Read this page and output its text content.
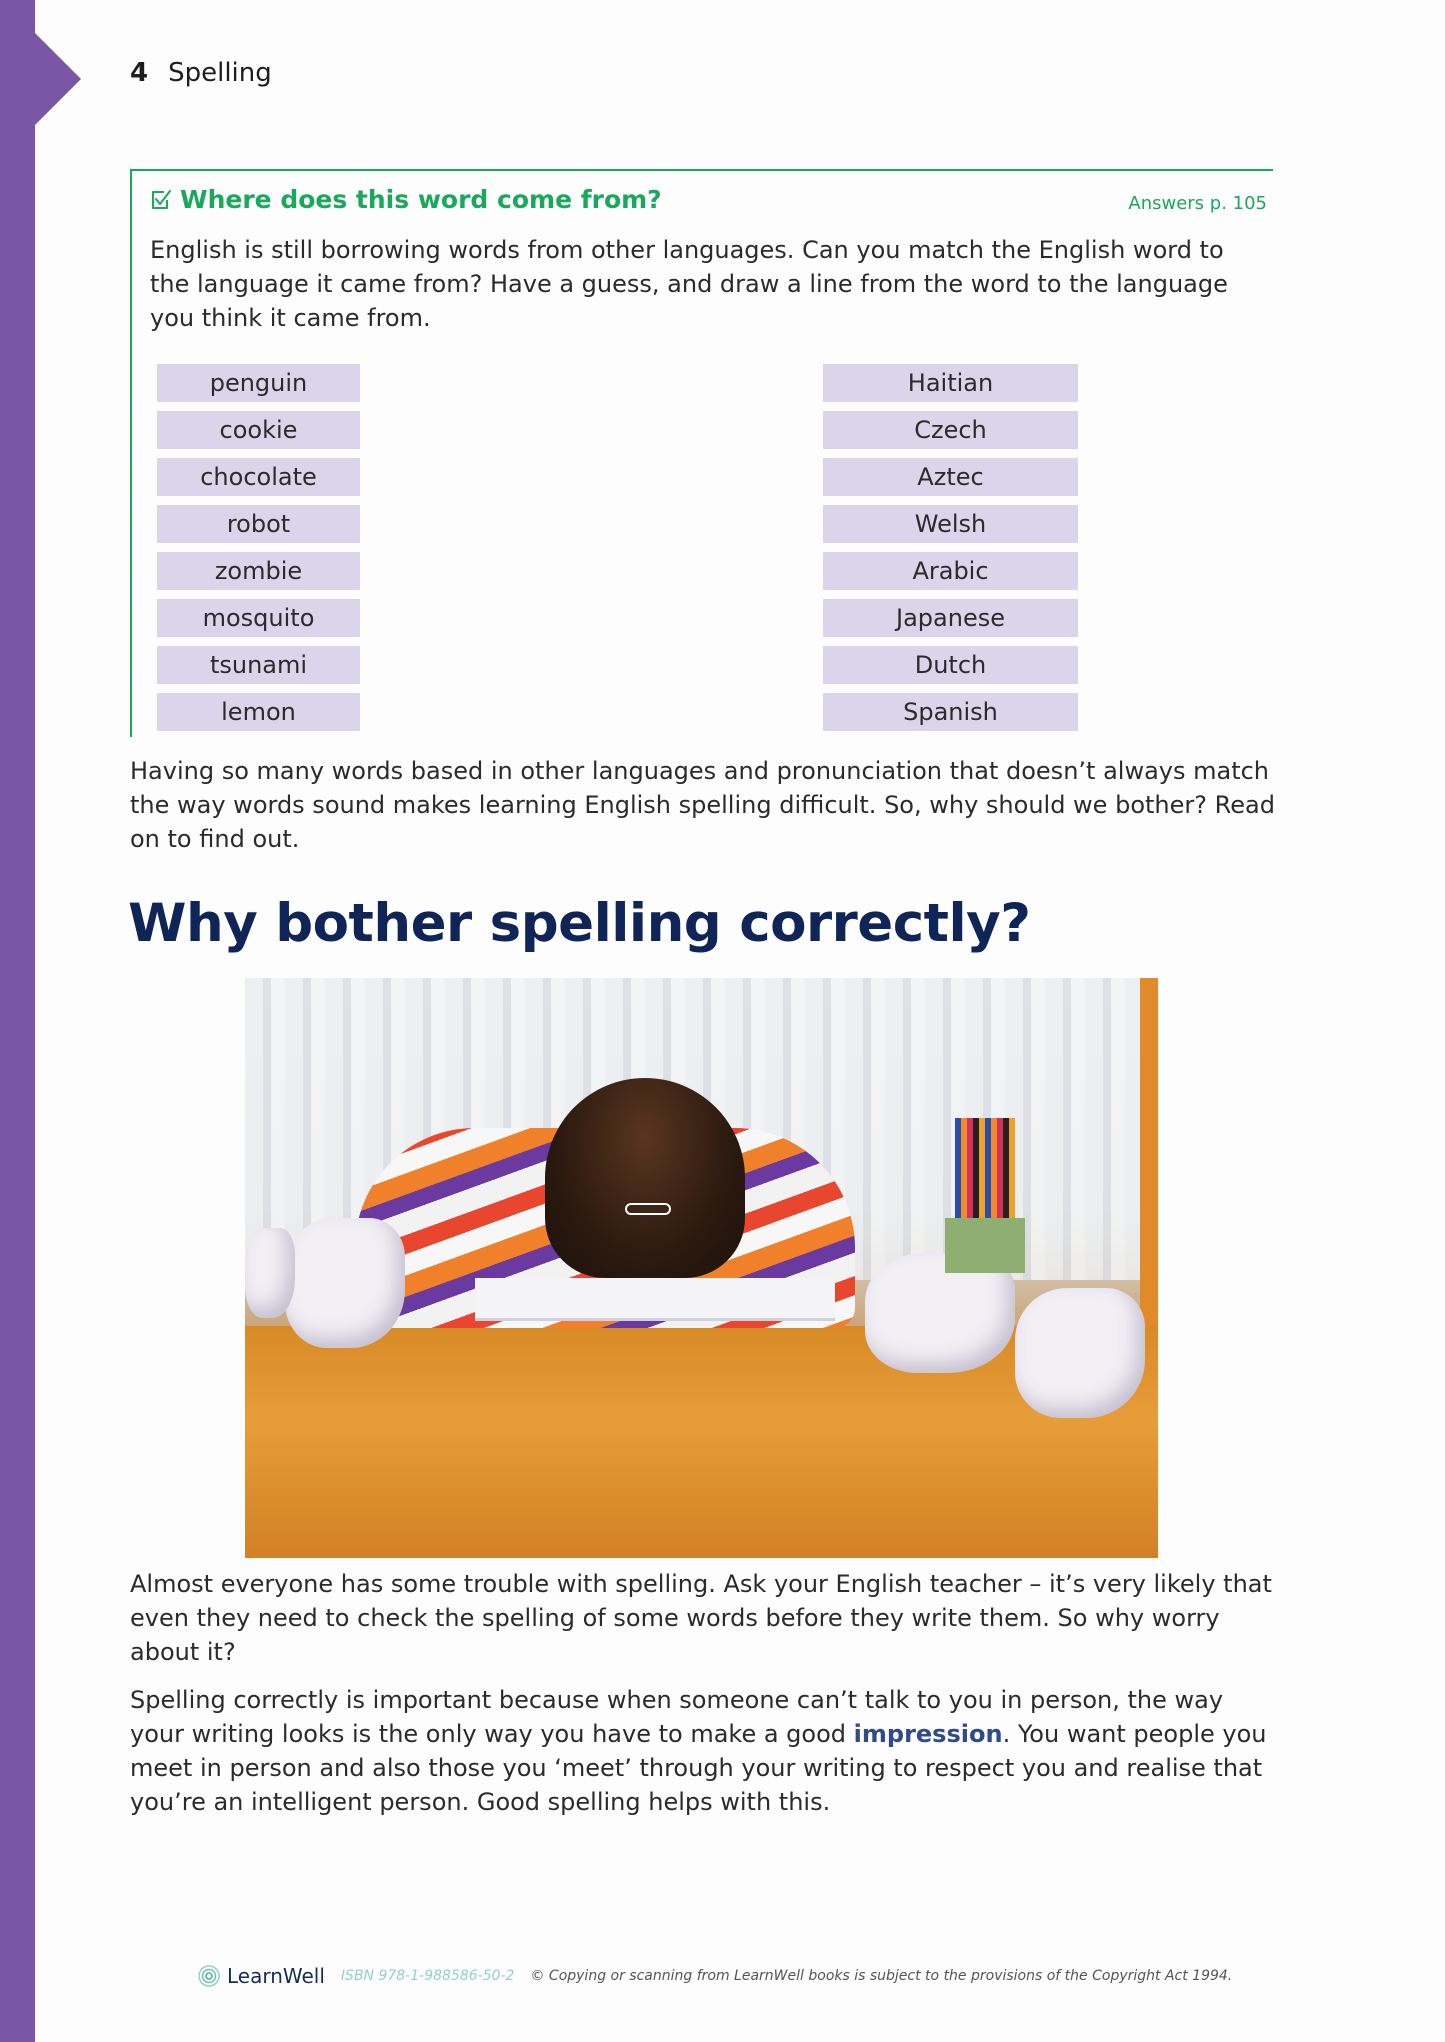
4 Spelling
Where does this word come from?	Answers p. 105
English is still borrowing words from other languages. Can you match the English word to the language it came from? Have a guess, and draw a line from the word to the language you think it came from.
penguin
cookie
chocolate
robot
zombie
mosquito
tsunami
lemon
Haitian
Czech
Aztec
Welsh
Arabic
Japanese
Dutch
Spanish

Having so many words based in other languages and pronunciation that doesn’t always match the way words sound makes learning English spelling difficult. So, why should we bother? Read on to find out.

Why bother spelling correctly?

Almost everyone has some trouble with spelling. Ask your English teacher – it’s very likely that even they need to check the spelling of some words before they write them. So why worry about it?

Spelling correctly is important because when someone can’t talk to you in person, the way your writing looks is the only way you have to make a good impression. You want people you meet in person and also those you ‘meet’ through your writing to respect you and realise that you’re an intelligent person. Good spelling helps with this.

LearnWell ISBN 978-1-988586-50-2 © Copying or scanning from LearnWell books is subject to the provisions of the Copyright Act 1994.
